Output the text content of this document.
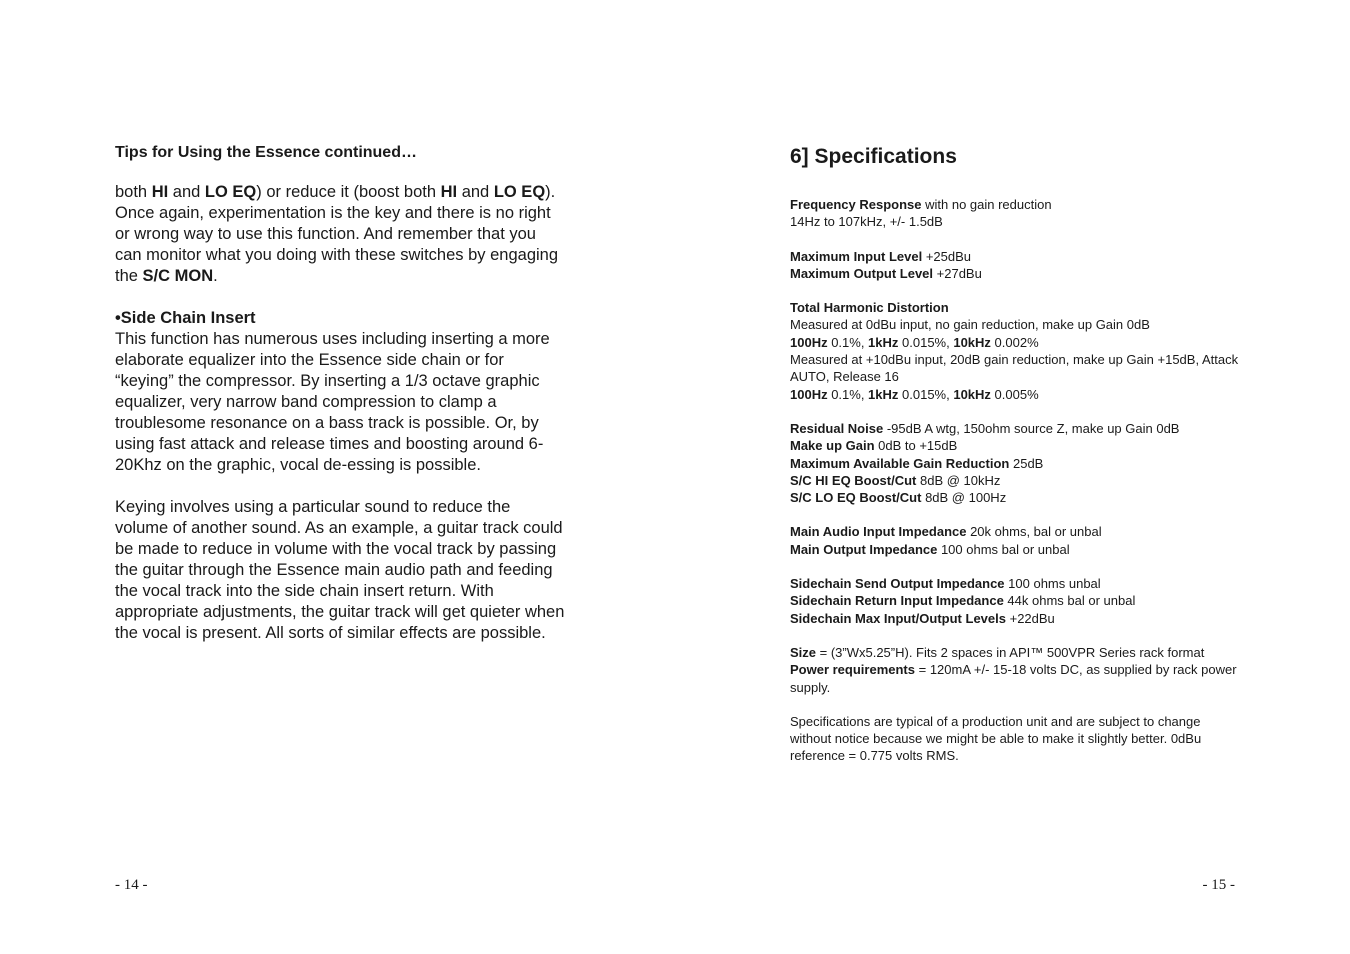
Tips for Using the Essence continued…

both HI and LO EQ) or reduce it (boost both HI and LO EQ). Once again, experimentation is the key and there is no right or wrong way to use this function. And remember that you can monitor what you doing with these switches by engaging the S/C MON.

•Side Chain Insert

This function has numerous uses including inserting a more elaborate equalizer into the Essence side chain or for “keying” the compressor. By inserting a 1/3 octave graphic equalizer, very narrow band compression to clamp a troublesome resonance on a bass track is possible. Or, by using fast attack and release times and boosting around 6-20Khz on the graphic, vocal de-essing is possible.

Keying involves using a particular sound to reduce the volume of another sound. As an example, a guitar track could be made to reduce in volume with the vocal track by passing the guitar through the Essence main audio path and feeding the vocal track into the side chain insert return. With appropriate adjustments, the guitar track will get quieter when the vocal is present. All sorts of similar effects are possible.

- 14 -
6] Specifications
Frequency Response with no gain reduction
14Hz to 107kHz, +/- 1.5dB
Maximum Input Level +25dBu
Maximum Output Level +27dBu
Total Harmonic Distortion
Measured at 0dBu input, no gain reduction, make up Gain 0dB
100Hz 0.1%, 1kHz 0.015%, 10kHz 0.002%
Measured at +10dBu input, 20dB gain reduction, make up Gain +15dB, Attack AUTO, Release 16
100Hz 0.1%, 1kHz 0.015%, 10kHz 0.005%
Residual Noise -95dB A wtg, 150ohm source Z, make up Gain 0dB
Make up Gain 0dB to +15dB
Maximum Available Gain Reduction 25dB
S/C HI EQ Boost/Cut 8dB @ 10kHz
S/C LO EQ Boost/Cut 8dB @ 100Hz
Main Audio Input Impedance 20k ohms, bal or unbal
Main Output Impedance 100 ohms bal or unbal
Sidechain Send Output Impedance 100 ohms unbal
Sidechain Return Input Impedance 44k ohms bal or unbal
Sidechain Max Input/Output Levels +22dBu
Size = (3”Wx5.25”H). Fits 2 spaces in API™ 500VPR Series rack format
Power requirements = 120mA +/- 15-18 volts DC, as supplied by rack power supply.
Specifications are typical of a production unit and are subject to change without notice because we might be able to make it slightly better. 0dBu reference = 0.775 volts RMS.
- 15 -
